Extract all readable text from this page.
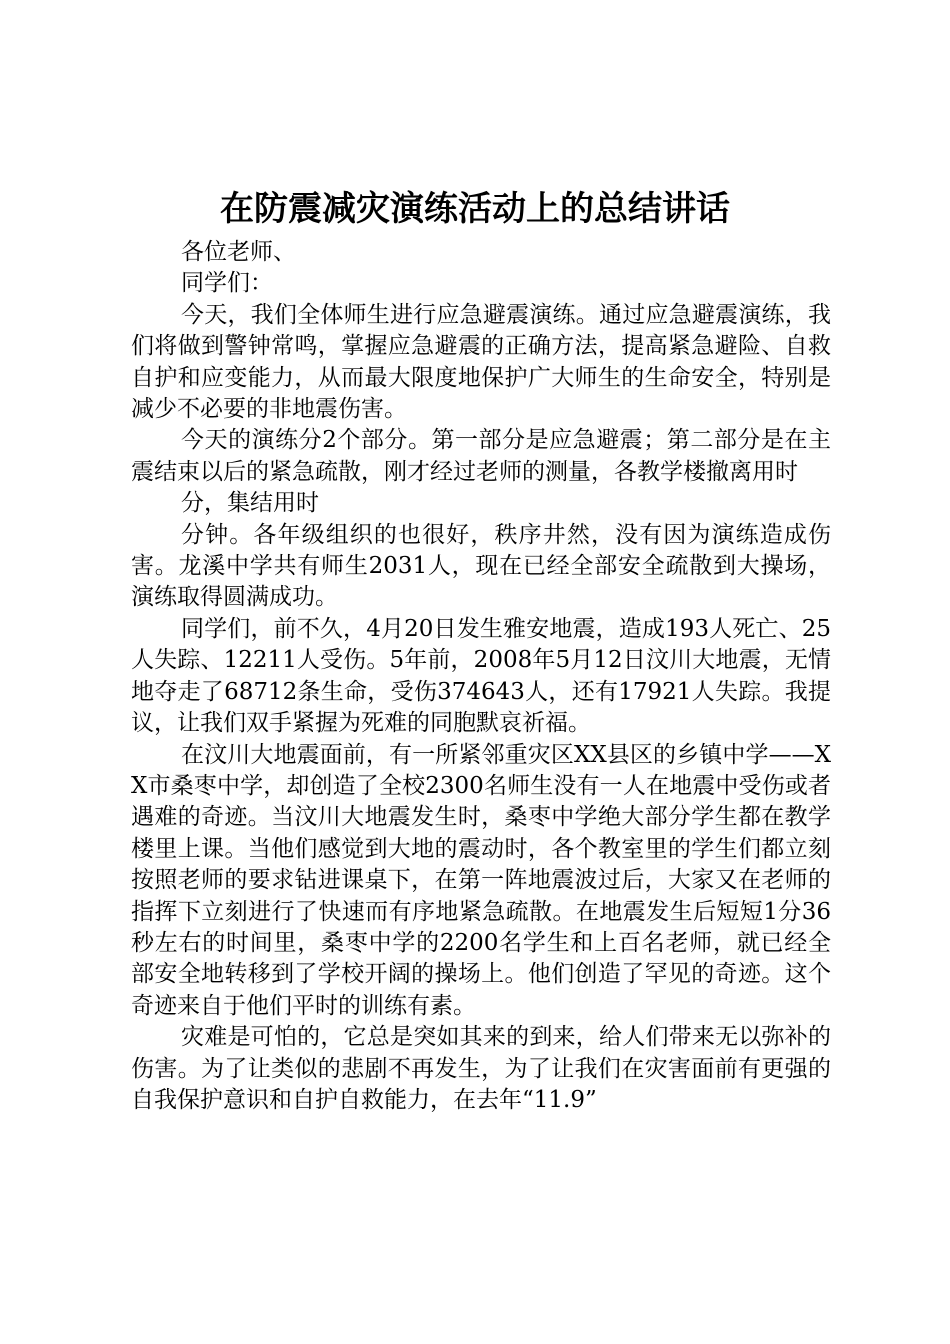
在防震减灾演练活动上的总结讲话

各位老师、

同学们：

今天，我们全体师生进行应急避震演练。通过应急避震演练，我们将做到警钟常鸣，掌握应急避震的正确方法，提高紧急避险、自救自护和应变能力，从而最大限度地保护广大师生的生命安全，特别是减少不必要的非地震伤害。

今天的演练分2个部分。第一部分是应急避震；第二部分是在主震结束以后的紧急疏散，刚才经过老师的测量，各教学楼撤离用时

分，集结用时

分钟。各年级组织的也很好，秩序井然，没有因为演练造成伤害。龙溪中学共有师生2031人，现在已经全部安全疏散到大操场，演练取得圆满成功。

同学们，前不久，4月20日发生雅安地震，造成193人死亡、25人失踪、12211人受伤。5年前，2008年5月12日汶川大地震，无情地夺走了68712条生命，受伤374643人，还有17921人失踪。我提议，让我们双手紧握为死难的同胞默哀祈福。

在汶川大地震面前，有一所紧邻重灾区XX县区的乡镇中学——XX市桑枣中学，却创造了全校2300名师生没有一人在地震中受伤或者遇难的奇迹。当汶川大地震发生时，桑枣中学绝大部分学生都在教学楼里上课。当他们感觉到大地的震动时，各个教室里的学生们都立刻按照老师的要求钻进课桌下，在第一阵地震波过后，大家又在老师的指挥下立刻进行了快速而有序地紧急疏散。在地震发生后短短1分36秒左右的时间里，桑枣中学的2200名学生和上百名老师，就已经全部安全地转移到了学校开阔的操场上。他们创造了罕见的奇迹。这个奇迹来自于他们平时的训练有素。

灾难是可怕的，它总是突如其来的到来，给人们带来无以弥补的伤害。为了让类似的悲剧不再发生，为了让我们在灾害面前有更强的自我保护意识和自护自救能力，在去年“11.9”
